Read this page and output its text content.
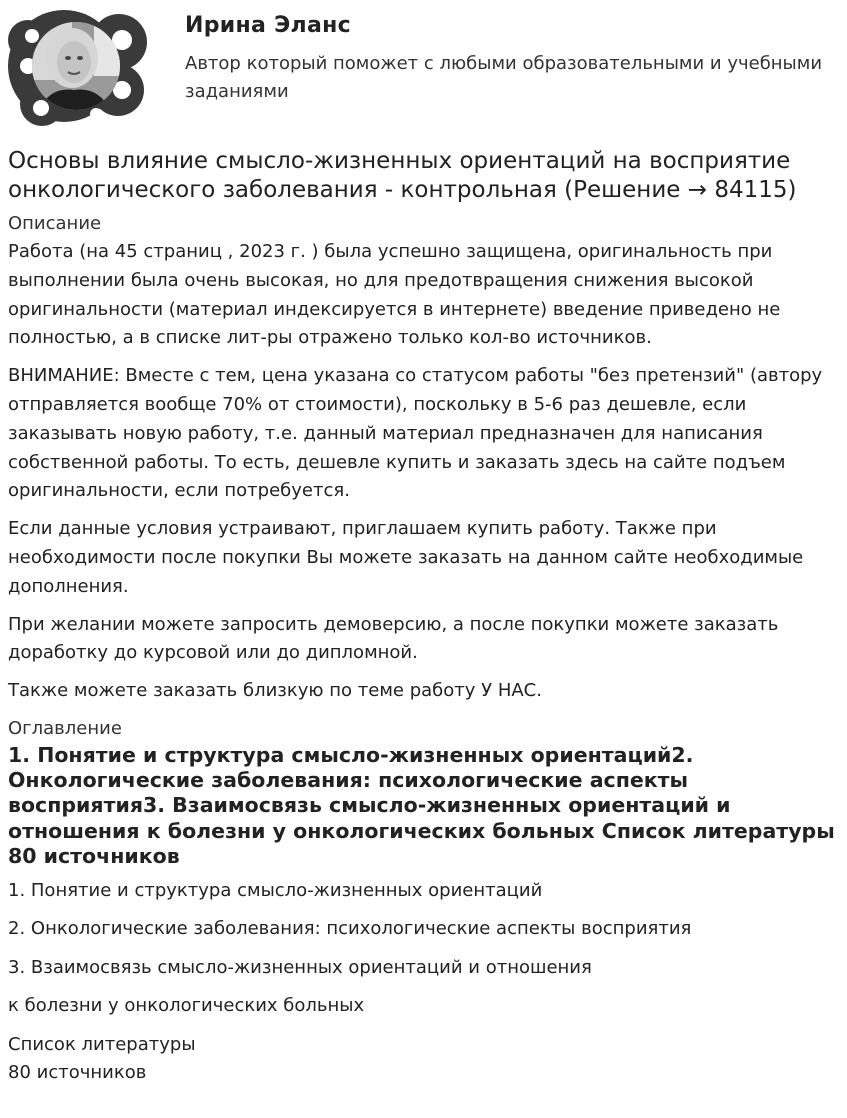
Ирина Эланс
Автор который поможет с любыми образовательными и учебными заданиями
Основы влияние смысло-жизненных ориентаций на восприятие онкологического заболевания - контрольная (Решение → 84115)
Описание

Работа (на 45 страниц , 2023 г. ) была успешно защищена, оригинальность при выполнении была очень высокая, но для предотвращения снижения высокой оригинальности (материал индексируется в интернете) введение приведено не полностью, а в списке лит-ры отражено только кол-во источников.

ВНИМАНИЕ: Вместе с тем, цена указана со статусом работы "без претензий" (автору отправляется вообще 70% от стоимости), поскольку в 5-6 раз дешевле, если заказывать новую работу, т.е. данный материал предназначен для написания собственной работы. То есть, дешевле купить и заказать здесь на сайте подъем оригинальности, если потребуется.

Если данные условия устраивают, приглашаем купить работу. Также при необходимости после покупки Вы можете заказать на данном сайте необходимые дополнения.

При желании можете запросить демоверсию, а после покупки можете заказать доработку до курсовой или до дипломной.

Также можете заказать близкую по теме работу У НАС.

Оглавление
1. Понятие и структура смысло-жизненных ориентаций2. Онкологические заболевания: психологические аспекты восприятия3. Взаимосвязь смысло-жизненных ориентаций и отношения к болезни у онкологических больных Список литературы 80 источников
1. Понятие и структура смысло-жизненных ориентаций
2. Онкологические заболевания: психологические аспекты восприятия
3. Взаимосвязь смысло-жизненных ориентаций и отношения
к болезни у онкологических больных
Список литературы
80 источников
